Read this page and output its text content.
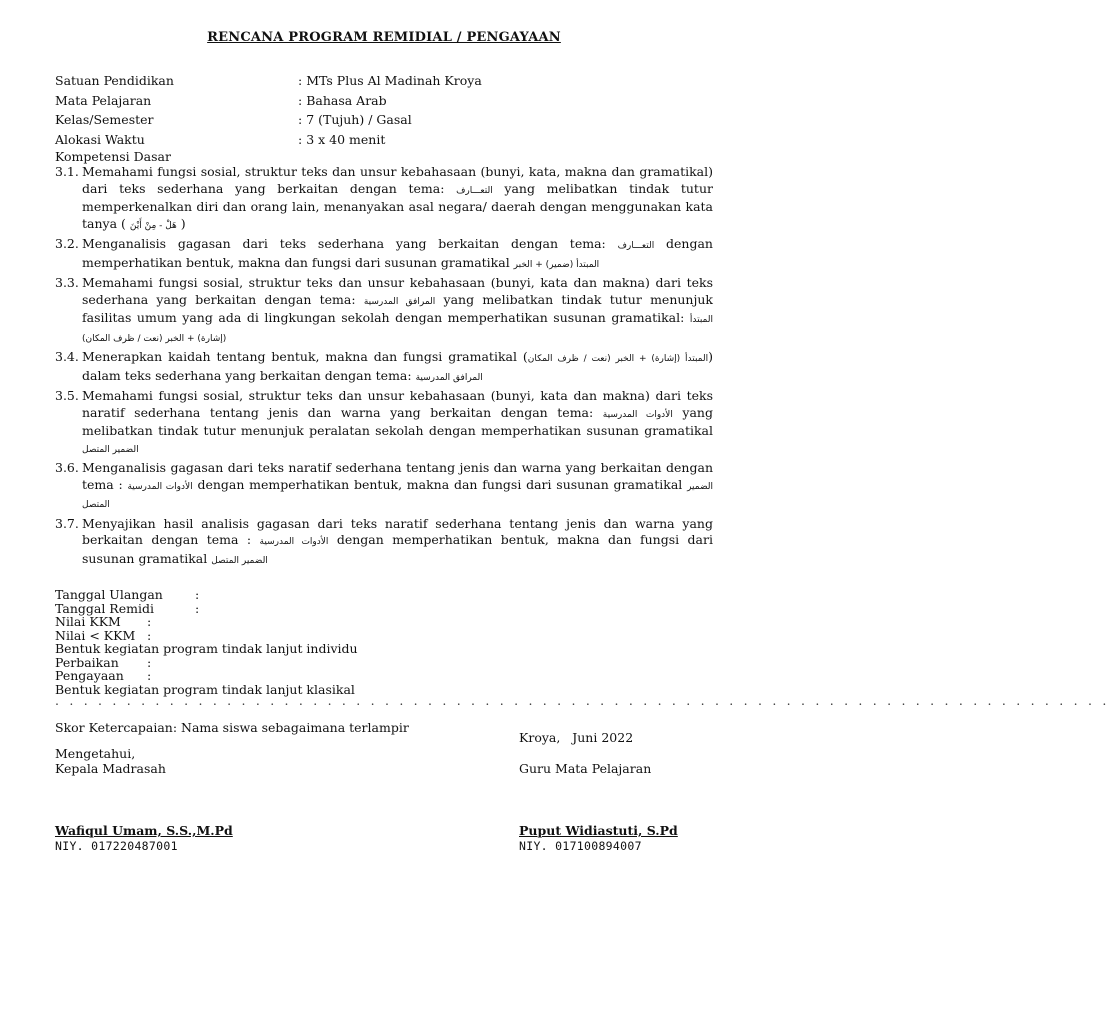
RENCANA PROGRAM REMIDIAL / PENGAYAAN
Satuan Pendidikan	: MTs Plus Al Madinah Kroya
Mata Pelajaran	: Bahasa Arab
Kelas/Semester	: 7 (Tujuh) / Gasal
Alokasi Waktu	: 3 x 40 menit
Kompetensi Dasar
3.1. Memahami fungsi sosial, struktur teks dan unsur kebahasaan (bunyi, kata, makna dan gramatikal) dari teks sederhana yang berkaitan dengan tema: التعـــارف yang melibatkan tindak tutur memperkenalkan diri dan orang lain, menanyakan asal negara/ daerah dengan menggunakan kata tanya ( هَلْ - مِنْ أَيْنَ )
3.2. Menganalisis gagasan dari teks sederhana yang berkaitan dengan tema: التعـــارف dengan memperhatikan bentuk, makna dan fungsi dari susunan gramatikal المبتدأ (ضمير) + الخبر
3.3. Memahami fungsi sosial, struktur teks dan unsur kebahasaan (bunyi, kata dan makna) dari teks sederhana yang berkaitan dengan tema: المرافق المدرسية yang melibatkan tindak tutur menunjuk fasilitas umum yang ada di lingkungan sekolah dengan memperhatikan susunan gramatikal: المبتدأ (إشارة) + الخبر (نعت / ظرف المكان)
3.4. Menerapkan kaidah tentang bentuk, makna dan fungsi gramatikal (المبتدأ (إشارة) + الخبر (نعت / ظرف المكان) dalam teks sederhana yang berkaitan dengan tema: المرافق المدرسية
3.5. Memahami fungsi sosial, struktur teks dan unsur kebahasaan (bunyi, kata dan makna) dari teks naratif sederhana tentang jenis dan warna yang berkaitan dengan tema: الأدوات المدرسية yang melibatkan tindak tutur menunjuk peralatan sekolah dengan memperhatikan susunan gramatikal الضمير المتصل
3.6. Menganalisis gagasan dari teks naratif sederhana tentang jenis dan warna yang berkaitan dengan tema : الأدوات المدرسية dengan memperhatikan bentuk, makna dan fungsi dari susunan gramatikal الضمير المتصل
3.7. Menyajikan hasil analisis gagasan dari teks naratif sederhana tentang jenis dan warna yang berkaitan dengan tema : الأدوات المدرسية dengan memperhatikan bentuk, makna dan fungsi dari susunan gramatikal الضمير المتصل
Tanggal Ulangan	:
Tanggal Remidi	:
Nilai KKM	:
Nilai < KKM :
Bentuk kegiatan program tindak lanjut individu
Perbaikan	:
Pengayaan	:
Bentuk kegiatan program tindak lanjut klasikal
. . . . . . . . . . . . . . . . . . . . . . . . . . . . . . . . . . . . . . . . . . . . . . . . . . . . . . . . . . . . . . . . . . . . . . . . . .
Skor Ketercapaian: Nama siswa sebagaimana terlampir
Mengetahui,
Kepala Madrasah
Wafiqul Umam, S.S.,M.Pd
NIY. 017220487001
Kroya,   Juni 2022
Guru Mata Pelajaran
Puput Widiastuti, S.Pd
NIY. 017100894007
